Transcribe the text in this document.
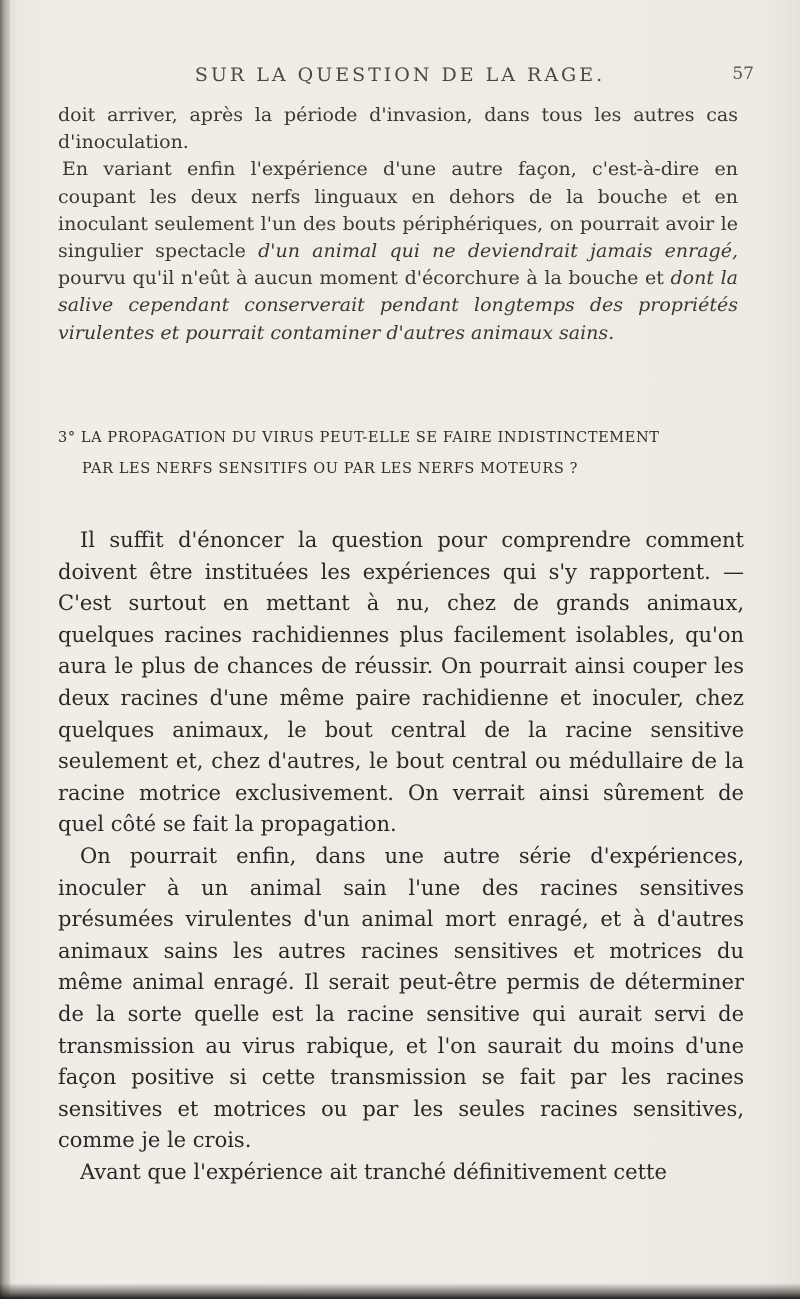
SUR LA QUESTION DE LA RAGE.	57

doit arriver, après la période d'invasion, dans tous les autres cas d'inoculation.

En variant enfin l'expérience d'une autre façon, c'est-à-dire en coupant les deux nerfs linguaux en dehors de la bouche et en inoculant seulement l'un des bouts périphériques, on pourrait avoir le singulier spectacle d'un animal qui ne deviendrait jamais enragé, pourvu qu'il n'eût à aucun moment d'écorchure à la bouche et dont la salive cependant conserverait pendant longtemps des propriétés virulentes et pourrait contaminer d'autres animaux sains.

3° LA PROPAGATION DU VIRUS PEUT-ELLE SE FAIRE INDISTINCTEMENT
PAR LES NERFS SENSITIFS OU PAR LES NERFS MOTEURS ?

Il suffit d'énoncer la question pour comprendre comment doivent être instituées les expériences qui s'y rapportent. — C'est surtout en mettant à nu, chez de grands animaux, quelques racines rachidiennes plus facilement isolables, qu'on aura le plus de chances de réussir. On pourrait ainsi couper les deux racines d'une même paire rachidienne et inoculer, chez quelques animaux, le bout central de la racine sensitive seulement et, chez d'autres, le bout central ou médullaire de la racine motrice exclusivement. On verrait ainsi sûrement de quel côté se fait la propagation.

On pourrait enfin, dans une autre série d'expériences, inoculer à un animal sain l'une des racines sensitives présumées virulentes d'un animal mort enragé, et à d'autres animaux sains les autres racines sensitives et motrices du même animal enragé. Il serait peut-être permis de déterminer de la sorte quelle est la racine sensitive qui aurait servi de transmission au virus rabique, et l'on saurait du moins d'une façon positive si cette transmission se fait par les racines sensitives et motrices ou par les seules racines sensitives, comme je le crois.

Avant que l'expérience ait tranché définitivement cette
